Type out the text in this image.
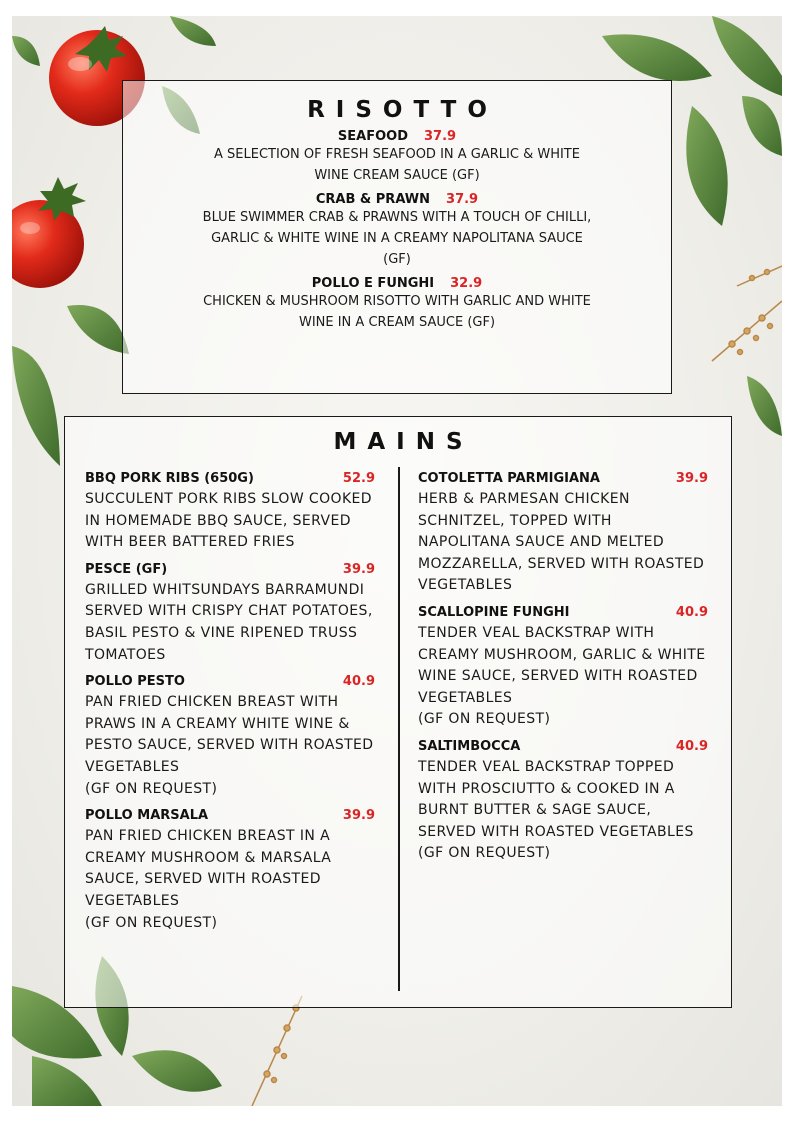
RISOTTO
SEAFOOD 37.9
A SELECTION OF FRESH SEAFOOD IN A GARLIC & WHITE WINE CREAM SAUCE (GF)
CRAB & PRAWN 37.9
BLUE SWIMMER CRAB & PRAWNS WITH A TOUCH OF CHILLI, GARLIC & WHITE WINE IN A CREAMY NAPOLITANA SAUCE (GF)
POLLO E FUNGHI 32.9
CHICKEN & MUSHROOM RISOTTO WITH GARLIC AND WHITE WINE IN A CREAM SAUCE (GF)
MAINS
BBQ PORK RIBS (650G)	52.9
SUCCULENT PORK RIBS SLOW COOKED IN HOMEMADE BBQ SAUCE, SERVED WITH BEER BATTERED FRIES
PESCE (GF)	39.9
GRILLED WHITSUNDAYS BARRAMUNDI SERVED WITH CRISPY CHAT POTATOES, BASIL PESTO & VINE RIPENED TRUSS TOMATOES
POLLO PESTO	40.9
PAN FRIED CHICKEN BREAST WITH PRAWS IN A CREAMY WHITE WINE & PESTO SAUCE, SERVED WITH ROASTED VEGETABLES
(GF ON REQUEST)
POLLO MARSALA	39.9
PAN FRIED CHICKEN BREAST IN A CREAMY MUSHROOM & MARSALA SAUCE, SERVED WITH ROASTED VEGETABLES
(GF ON REQUEST)
COTOLETTA PARMIGIANA	39.9
HERB & PARMESAN CHICKEN SCHNITZEL, TOPPED WITH NAPOLITANA SAUCE AND MELTED MOZZARELLA, SERVED WITH ROASTED VEGETABLES
SCALLOPINE FUNGHI	40.9
TENDER VEAL BACKSTRAP WITH CREAMY MUSHROOM, GARLIC & WHITE WINE SAUCE, SERVED WITH ROASTED VEGETABLES
(GF ON REQUEST)
SALTIMBOCCA	40.9
TENDER VEAL BACKSTRAP TOPPED WITH PROSCIUTTO & COOKED IN A BURNT BUTTER & SAGE SAUCE, SERVED WITH ROASTED VEGETABLES
(GF ON REQUEST)
